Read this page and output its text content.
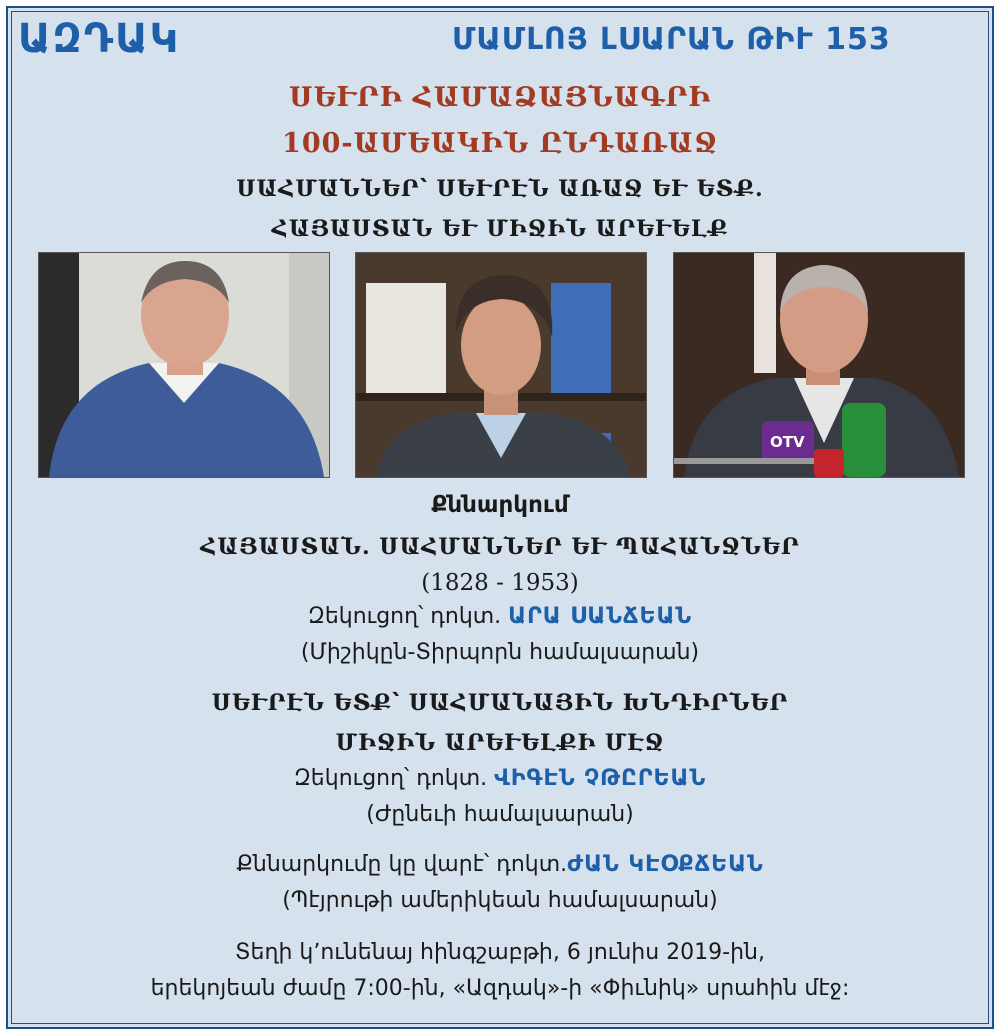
ԱԶԴԱԿ	ՄԱՄԼՈՅ ԼՍԱՐԱՆ ԹԻՒ 153
ՍԵՒՐԻ ՀԱՄԱՁԱՅՆԱԳՐԻ
100-ԱՄԵԱԿԻՆ ԸՆԴԱՌԱՋ
ՍԱՀՄԱՆՆԵՐ՝ ՍԵՒՐԷՆ ԱՌԱՋ ԵՒ ԵՏՔ.
ՀԱՅԱՍՏԱՆ ԵՒ ՄԻՋԻՆ ԱՐԵՒԵԼՔ
OTV
Քննարկում
ՀԱՅԱՍՏԱՆ. ՍԱՀՄԱՆՆԵՐ ԵՒ ՊԱՀԱՆՋՆԵՐ
(1828 - 1953)
Զեկուցող՝ դոկտ. ԱՐԱ ՍԱՆՃԵԱՆ
(Միշիկըն-Տիրպորն համալսարան)
ՍԵՒՐԷՆ ԵՏՔ՝ ՍԱՀՄԱՆԱՅԻՆ ԽՆԴԻՐՆԵՐ
ՄԻՋԻՆ ԱՐԵՒԵԼՔԻ ՄԷՋ
Զեկուցող՝ դոկտ. ՎԻԳԷՆ ՉԹԸՐԵԱՆ
(Ժընեւի համալսարան)
Քննարկումը կը վարէ՝ դոկտ.ԺԱՆ ԿԷՕՔՃԵԱՆ
(Պէյրութի ամերիկեան համալսարան)
Տեղի կ՚ունենայ հինգշաբթի, 6 յունիս 2019-ին,
երեկոյեան ժամը 7:00-ին, «Ազդակ»-ի «Փիւնիկ» սրահին մէջ:
